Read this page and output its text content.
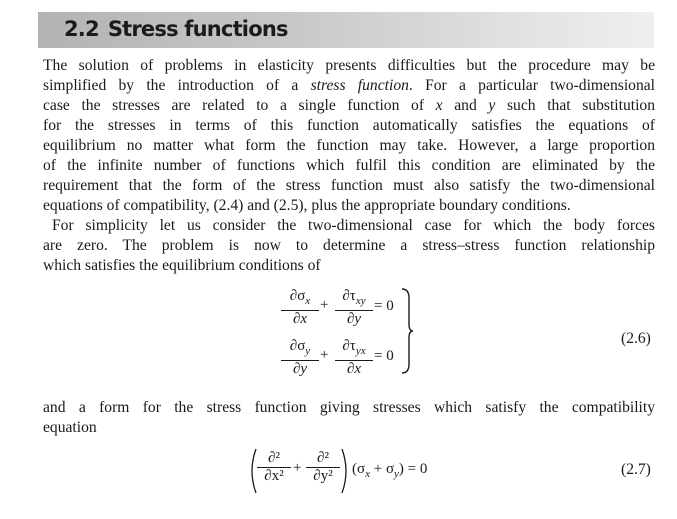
2.2 Stress functions
The solution of problems in elasticity presents difficulties but the procedure may be
simplified by the introduction of a stress function. For a particular two-dimensional
case the stresses are related to a single function of x and y such that substitution
for the stresses in terms of this function automatically satisfies the equations of
equilibrium no matter what form the function may take. However, a large proportion
of the infinite number of functions which fulfil this condition are eliminated by the
requirement that the form of the stress function must also satisfy the two-dimensional
equations of compatibility, (2.4) and (2.5), plus the appropriate boundary conditions.
For simplicity let us consider the two-dimensional case for which the body forces
are zero. The problem is now to determine a stress–stress function relationship
which satisfies the equilibrium conditions of
$\partial\sigma_x$
∂x
+
$\partial\tau_{xy}$
∂y
= 0
$\partial\sigma_y$
∂y
+
$\partial\tau_{yx}$
∂x
= 0
(2.6)
and a form for the stress function giving stresses which satisfy the compatibility
equation
∂²
∂x² +
∂²
∂y²	$(\sigma_x + \sigma_y) = 0$	(2.7)
